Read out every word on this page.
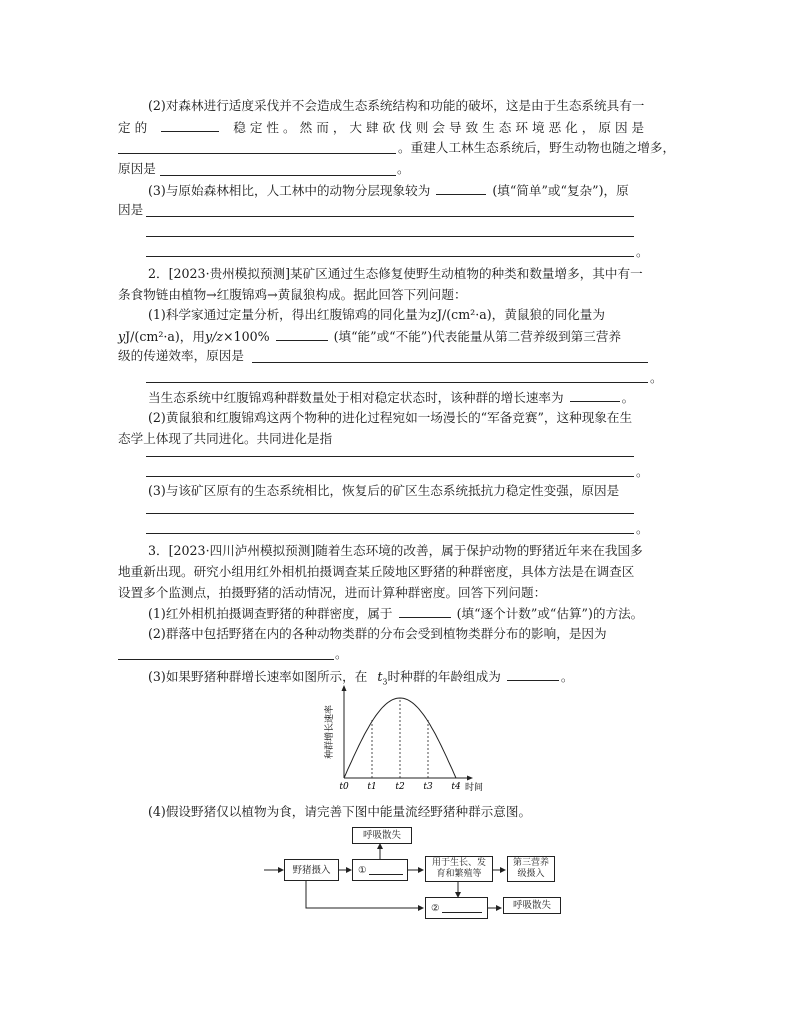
(2)对森林进行适度采伐并不会造成生态系统结构和功能的破坏，这是由于生态系统具有一
定 的	稳 定 性 。 然 而 ， 大 肆 砍 伐 则 会 导 致 生 态 环 境 恶 化 ， 原 因 是
。重建人工林生态系统后，野生动物也随之增多，
原因是	。
(3)与原始森林相比，人工林中的动物分层现象较为	(填“简单”或“复杂”)，原
因是
。
2．[2023·贵州模拟预测]某矿区通过生态修复使野生动植物的种类和数量增多，其中有一
条食物链由植物→红腹锦鸡→黄鼠狼构成。据此回答下列问题：
(1)科学家通过定量分析，得出红腹锦鸡的同化量为zJ/(cm²·a)，黄鼠狼的同化量为
yJ/(cm²·a)，用y/z×100%	(填“能”或“不能”)代表能量从第二营养级到第三营养
级的传递效率，原因是
。
当生态系统中红腹锦鸡种群数量处于相对稳定状态时，该种群的增长速率为	。
(2)黄鼠狼和红腹锦鸡这两个物种的进化过程宛如一场漫长的“军备竞赛”，这种现象在生
态学上体现了共同进化。共同进化是指
。
(3)与该矿区原有的生态系统相比，恢复后的矿区生态系统抵抗力稳定性变强，原因是
。
3．[2023·四川泸州模拟预测]随着生态环境的改善，属于保护动物的野猪近年来在我国多
地重新出现。研究小组用红外相机拍摄调查某丘陵地区野猪的种群密度，具体方法是在调查区
设置多个监测点，拍摄野猪的活动情况，进而计算种群密度。回答下列问题：
(1)红外相机拍摄调查野猪的种群密度，属于	(填“逐个计数”或“估算”)的方法。
(2)群落中包括野猪在内的各种动物类群的分布会受到植物类群分布的影响，是因为
。
(3)如果野猪种群增长速率如图所示，在 $t_3$时种群的年龄组成为	。
种群增长速率
t0 t1 t2 t3 t4 时间
(4)假设野猪仅以植物为食，请完善下图中能量流经野猪种群示意图。
呼吸散失
野猪摄入	①
用于生长、发育和繁殖等
第三营养级摄入
②	呼吸散失
